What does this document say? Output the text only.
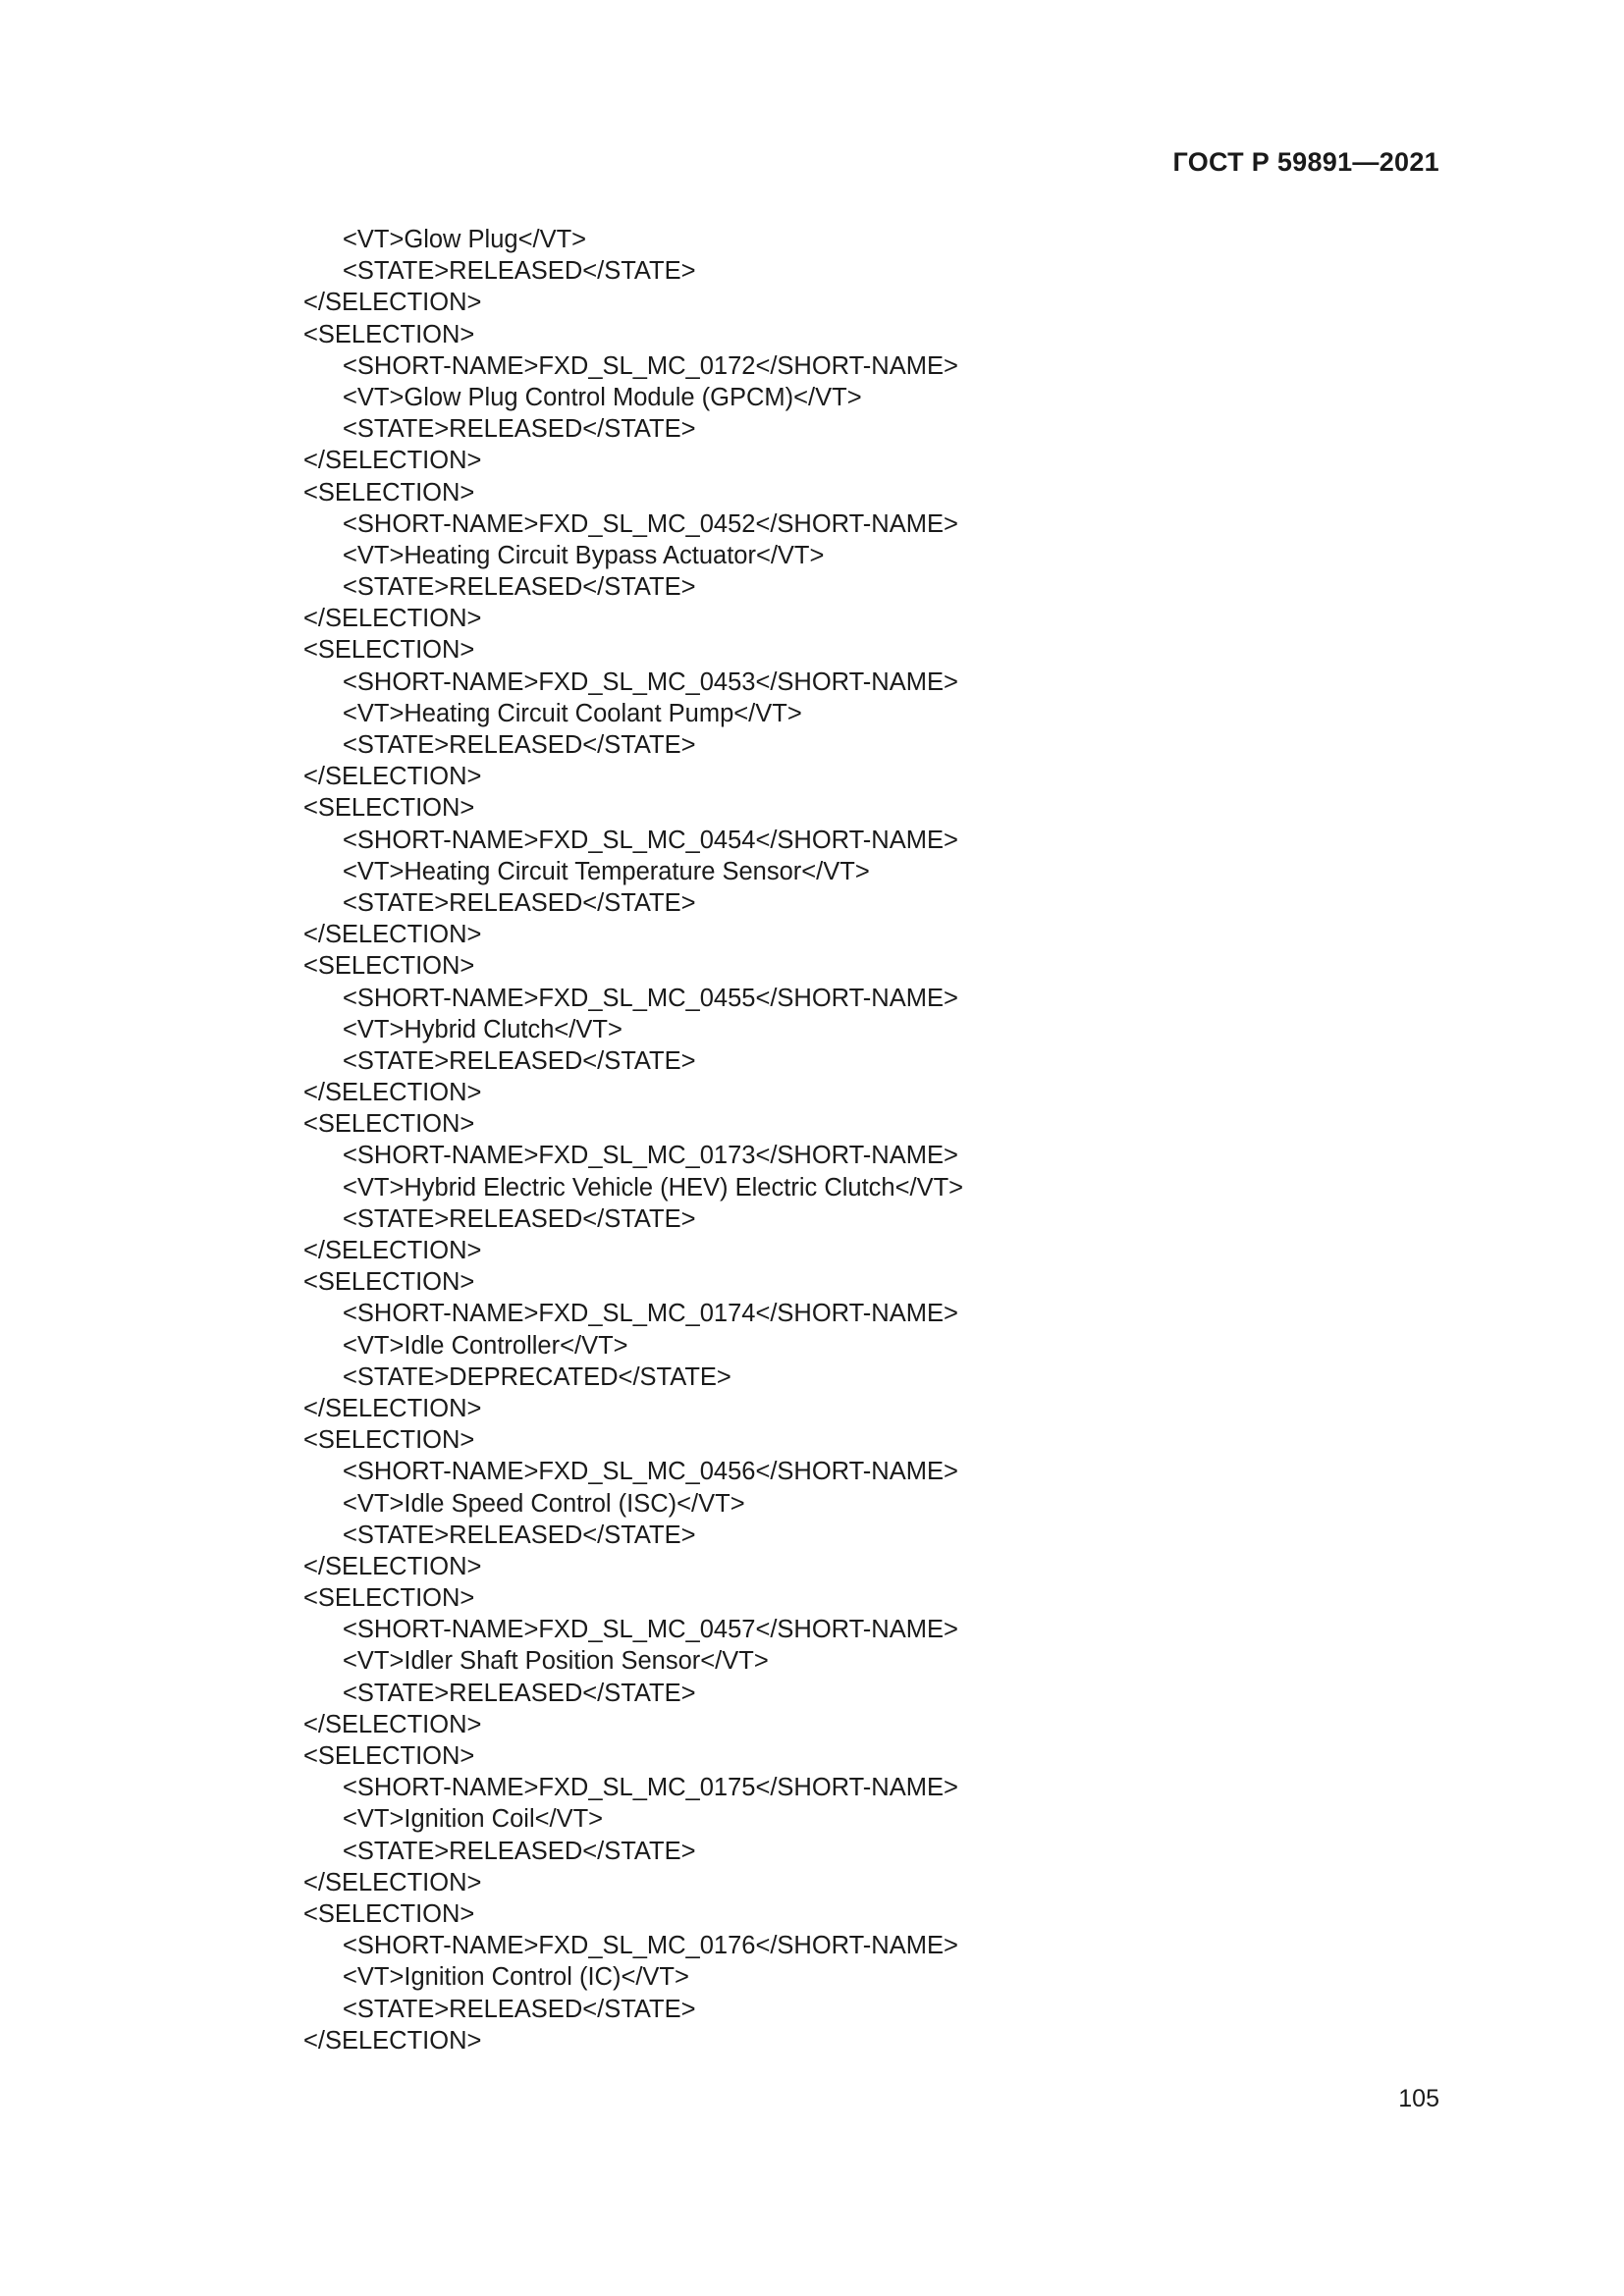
ГОСТ Р 59891—2021
<VT>Glow Plug</VT>
<STATE>RELEASED</STATE>
</SELECTION>
<SELECTION>
<SHORT-NAME>FXD_SL_MC_0172</SHORT-NAME>
<VT>Glow Plug Control Module (GPCM)</VT>
<STATE>RELEASED</STATE>
</SELECTION>
<SELECTION>
<SHORT-NAME>FXD_SL_MC_0452</SHORT-NAME>
<VT>Heating Circuit Bypass Actuator</VT>
<STATE>RELEASED</STATE>
</SELECTION>
<SELECTION>
<SHORT-NAME>FXD_SL_MC_0453</SHORT-NAME>
<VT>Heating Circuit Coolant Pump</VT>
<STATE>RELEASED</STATE>
</SELECTION>
<SELECTION>
<SHORT-NAME>FXD_SL_MC_0454</SHORT-NAME>
<VT>Heating Circuit Temperature Sensor</VT>
<STATE>RELEASED</STATE>
</SELECTION>
<SELECTION>
<SHORT-NAME>FXD_SL_MC_0455</SHORT-NAME>
<VT>Hybrid Clutch</VT>
<STATE>RELEASED</STATE>
</SELECTION>
<SELECTION>
<SHORT-NAME>FXD_SL_MC_0173</SHORT-NAME>
<VT>Hybrid Electric Vehicle (HEV) Electric Clutch</VT>
<STATE>RELEASED</STATE>
</SELECTION>
<SELECTION>
<SHORT-NAME>FXD_SL_MC_0174</SHORT-NAME>
<VT>Idle Controller</VT>
<STATE>DEPRECATED</STATE>
</SELECTION>
<SELECTION>
<SHORT-NAME>FXD_SL_MC_0456</SHORT-NAME>
<VT>Idle Speed Control (ISC)</VT>
<STATE>RELEASED</STATE>
</SELECTION>
<SELECTION>
<SHORT-NAME>FXD_SL_MC_0457</SHORT-NAME>
<VT>Idler Shaft Position Sensor</VT>
<STATE>RELEASED</STATE>
</SELECTION>
<SELECTION>
<SHORT-NAME>FXD_SL_MC_0175</SHORT-NAME>
<VT>Ignition Coil</VT>
<STATE>RELEASED</STATE>
</SELECTION>
<SELECTION>
<SHORT-NAME>FXD_SL_MC_0176</SHORT-NAME>
<VT>Ignition Control (IC)</VT>
<STATE>RELEASED</STATE>
</SELECTION>
105
